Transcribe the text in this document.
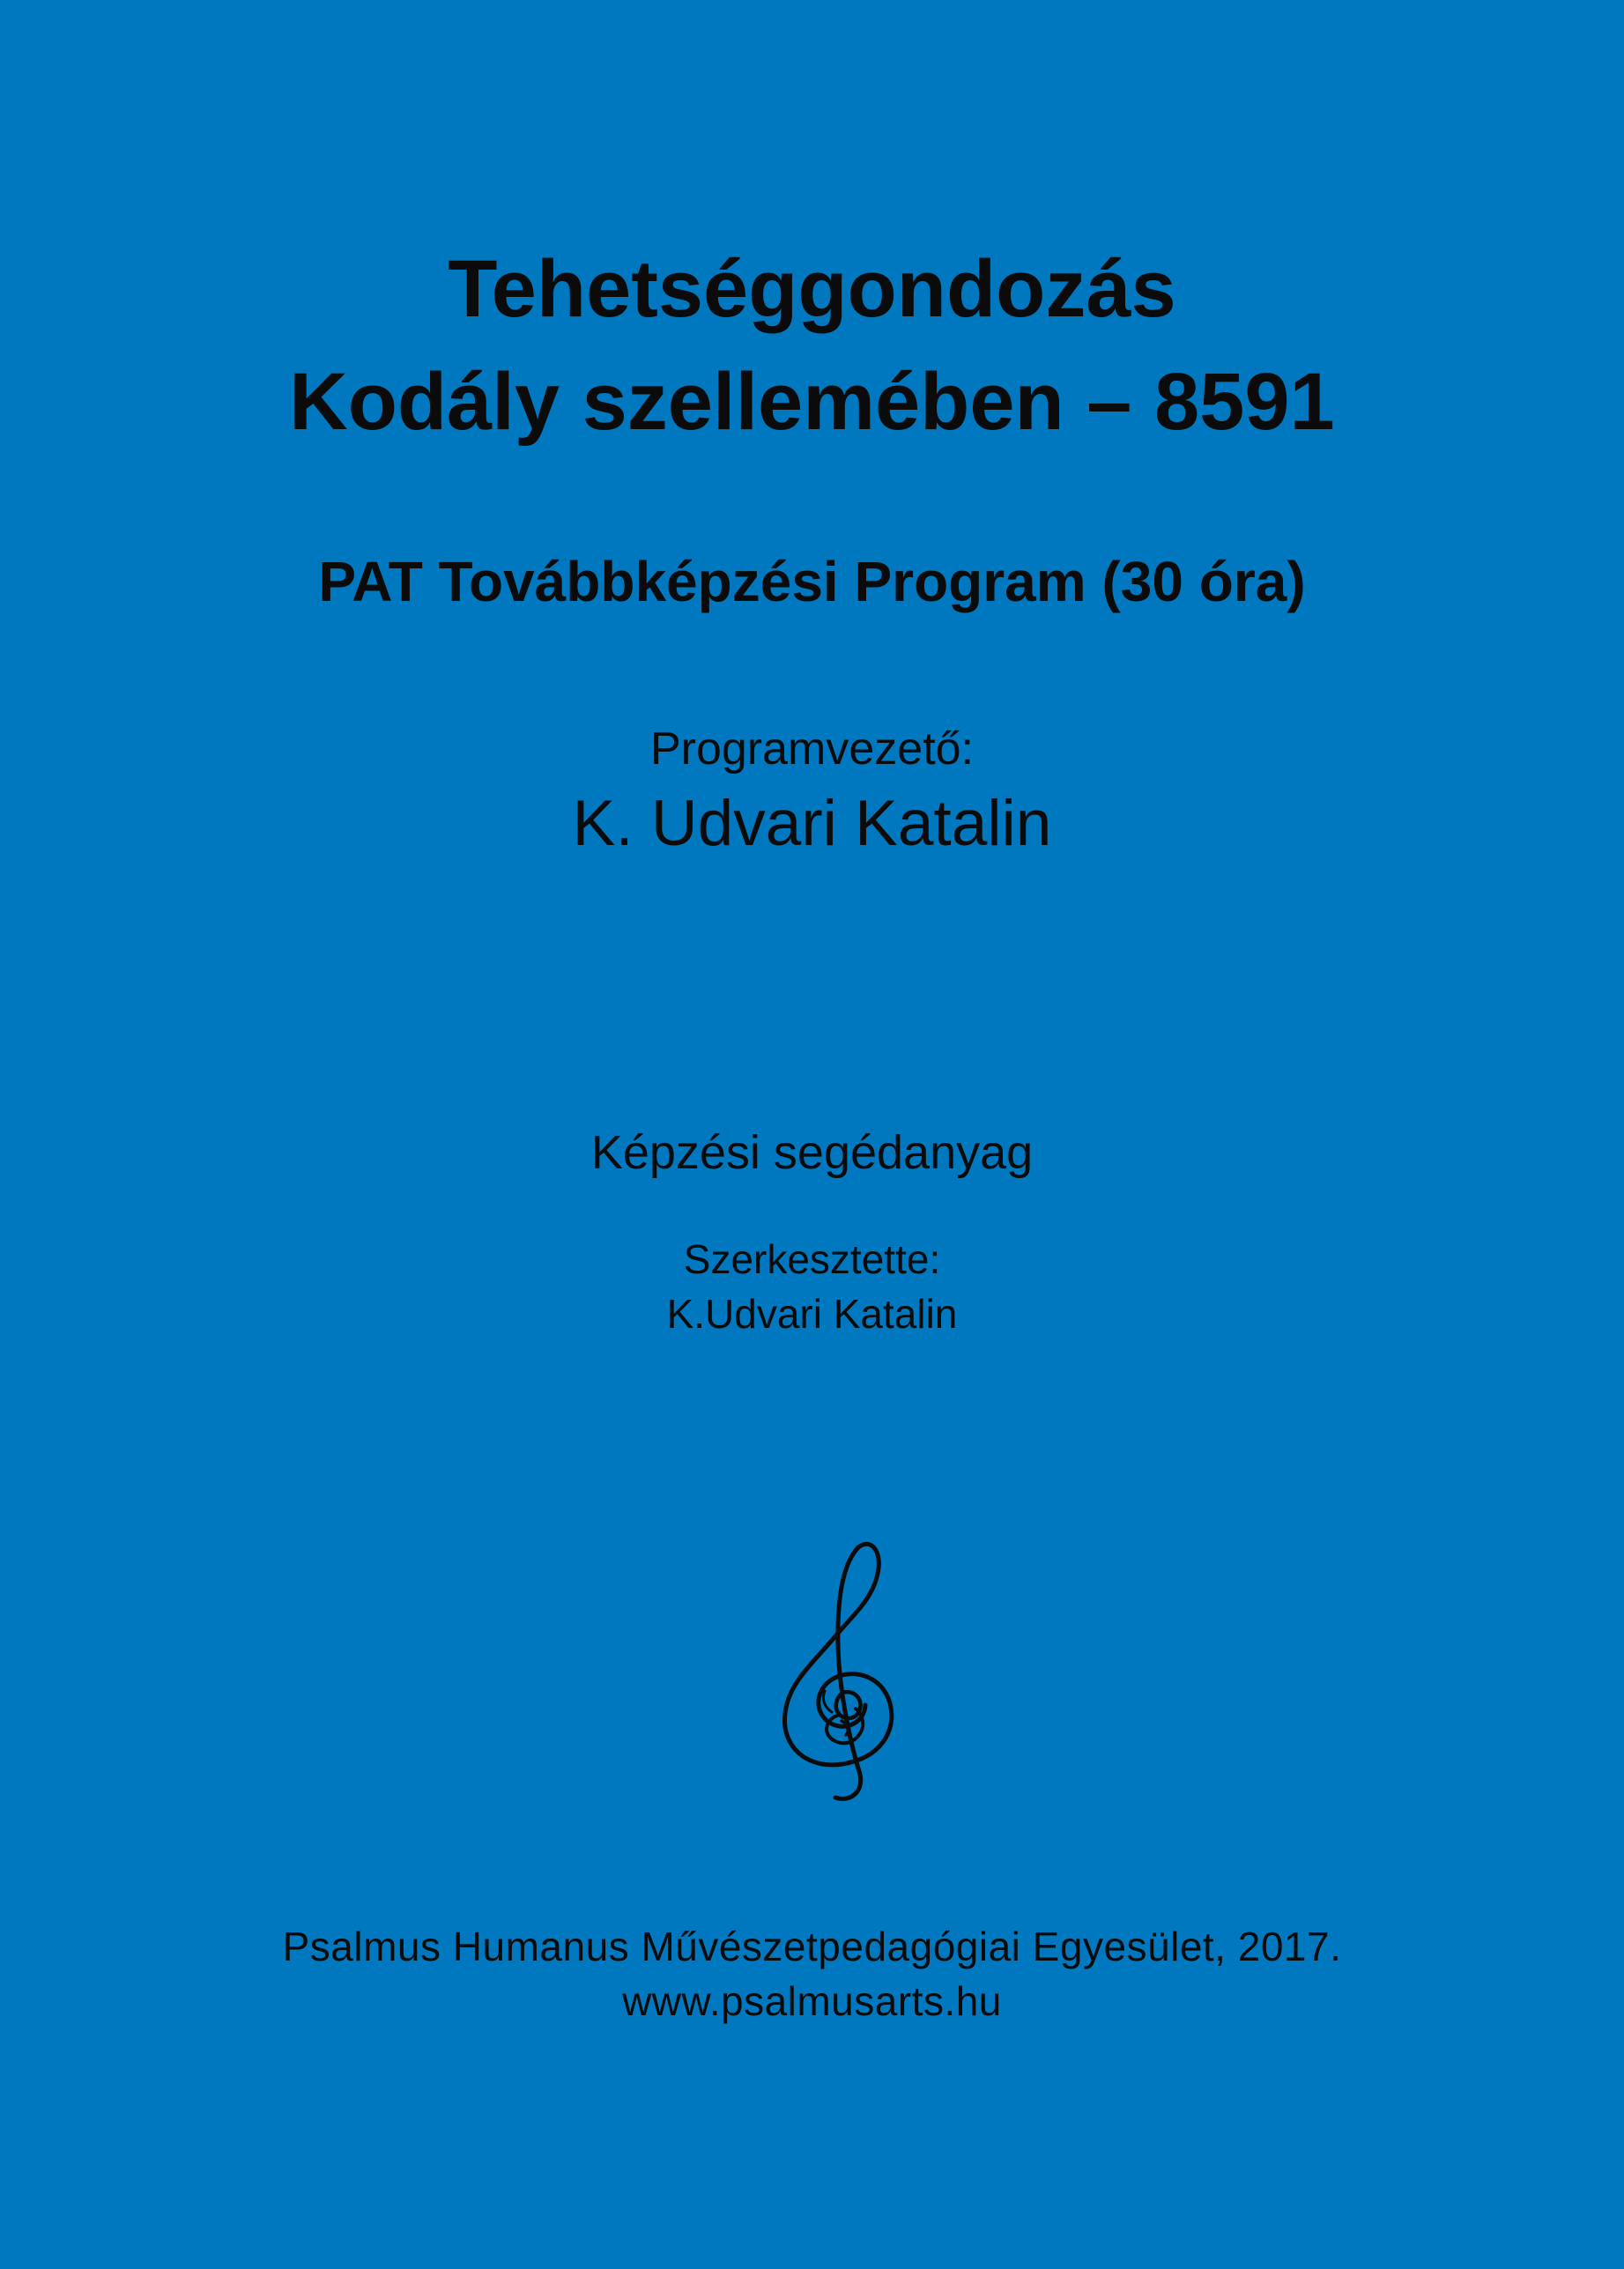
Tehetséggondozás
Kodály szellemében – 8591
PAT Továbbképzési Program (30 óra)
Programvezető:
K. Udvari Katalin
Képzési segédanyag
Szerkesztette:
K.Udvari Katalin
Psalmus Humanus Művészetpedagógiai Egyesület, 2017.
www.psalmusarts.hu
